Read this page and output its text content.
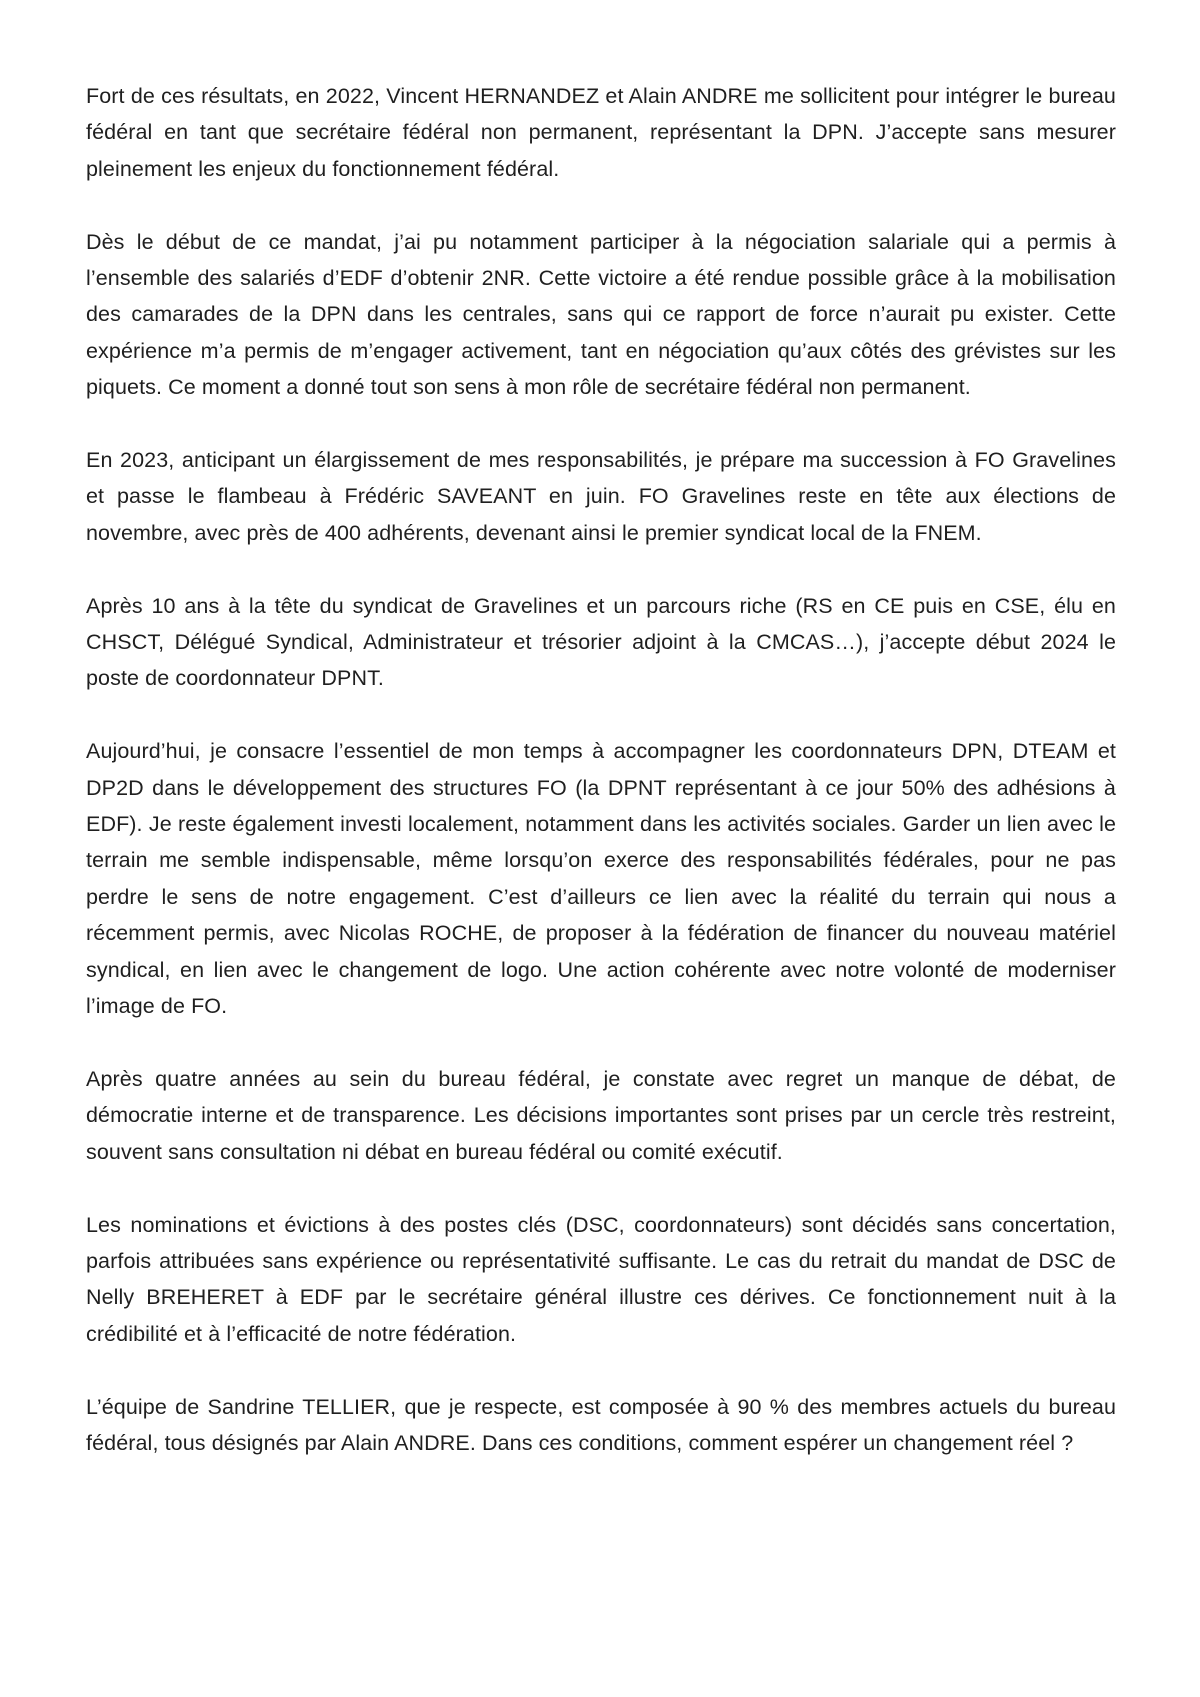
Fort de ces résultats, en 2022, Vincent HERNANDEZ et Alain ANDRE me sollicitent pour intégrer le bureau fédéral en tant que secrétaire fédéral non permanent, représentant la DPN. J’accepte sans mesurer pleinement les enjeux du fonctionnement fédéral.

Dès le début de ce mandat, j’ai pu notamment participer à la négociation salariale qui a permis à l’ensemble des salariés d’EDF d’obtenir 2NR. Cette victoire a été rendue possible grâce à la mobilisation des camarades de la DPN dans les centrales, sans qui ce rapport de force n’aurait pu exister. Cette expérience m’a permis de m’engager activement, tant en négociation qu’aux côtés des grévistes sur les piquets. Ce moment a donné tout son sens à mon rôle de secrétaire fédéral non permanent.

En 2023, anticipant un élargissement de mes responsabilités, je prépare ma succession à FO Gravelines et passe le flambeau à Frédéric SAVEANT en juin. FO Gravelines reste en tête aux élections de novembre, avec près de 400 adhérents, devenant ainsi le premier syndicat local de la FNEM.

Après 10 ans à la tête du syndicat de Gravelines et un parcours riche (RS en CE puis en CSE, élu en CHSCT, Délégué Syndical, Administrateur et trésorier adjoint à la CMCAS…), j’accepte début 2024 le poste de coordonnateur DPNT.

Aujourd’hui, je consacre l’essentiel de mon temps à accompagner les coordonnateurs DPN, DTEAM et DP2D dans le développement des structures FO (la DPNT représentant à ce jour 50% des adhésions à EDF). Je reste également investi localement, notamment dans les activités sociales. Garder un lien avec le terrain me semble indispensable, même lorsqu’on exerce des responsabilités fédérales, pour ne pas perdre le sens de notre engagement. C’est d’ailleurs ce lien avec la réalité du terrain qui nous a récemment permis, avec Nicolas ROCHE, de proposer à la fédération de financer du nouveau matériel syndical, en lien avec le changement de logo. Une action cohérente avec notre volonté de moderniser l’image de FO.

Après quatre années au sein du bureau fédéral, je constate avec regret un manque de débat, de démocratie interne et de transparence. Les décisions importantes sont prises par un cercle très restreint, souvent sans consultation ni débat en bureau fédéral ou comité exécutif.

Les nominations et évictions à des postes clés (DSC, coordonnateurs) sont décidés sans concertation, parfois attribuées sans expérience ou représentativité suffisante. Le cas du retrait du mandat de DSC de Nelly BREHERET à EDF par le secrétaire général illustre ces dérives. Ce fonctionnement nuit à la crédibilité et à l’efficacité de notre fédération.

L’équipe de Sandrine TELLIER, que je respecte, est composée à 90 % des membres actuels du bureau fédéral, tous désignés par Alain ANDRE. Dans ces conditions, comment espérer un changement réel ?
